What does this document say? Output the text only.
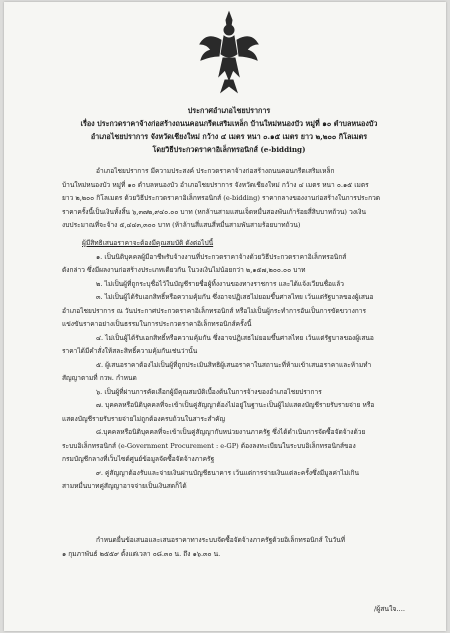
ประกาศอำเภอไชยปราการ
เรื่อง ประกวดราคาจ้างก่อสร้างถนนคอนกรีตเสริมเหล็ก บ้านใหม่หนองบัว หมู่ที่ ๑๐ ตำบลหนองบัว
อำเภอไชยปราการ จังหวัดเชียงใหม่ กว้าง ๔ เมตร หนา ๐.๑๕ เมตร ยาว ๒,๒๐๐ กิโลเมตร
โดยวิธีประกวดราคาอิเล็กทรอนิกส์ (e-bidding)

อำเภอไชยปราการ มีความประสงค์ ประกวดราคาจ้างก่อสร้างถนนคอนกรีตเสริมเหล็ก

บ้านใหม่หนองบัว หมู่ที่ ๑๐ ตำบลหนองบัว อำเภอไชยปราการ จังหวัดเชียงใหม่ กว้าง ๔ เมตร หนา ๐.๑๕ เมตร

ยาว ๒,๒๐๐ กิโลเมตร ด้วยวิธีประกวดราคาอิเล็กทรอนิกส์ (e-bidding) ราคากลางของงานก่อสร้างในการประกวด

ราคาครั้งนี้เป็นเงินทั้งสิ้น ๖,๓๗๒,๙๔๐.๐๐ บาท (หกล้านสามแสนเจ็ดหมื่นสองพันเก้าร้อยสี่สิบบาทถ้วน) วงเงิน

งบประมาณที่จะจ้าง ๕,๔๔๓,๓๐๐ บาท (ห้าล้านสี่แสนสี่หมื่นสามพันสามร้อยบาทถ้วน)

ผู้มีสิทธิเสนอราคาจะต้องมีคุณสมบัติ ดังต่อไปนี้

๑. เป็นนิติบุคคลผู้มีอาชีพรับจ้างงานที่ประกวดราคาจ้างด้วยวิธีประกวดราคาอิเล็กทรอนิกส์

ดังกล่าว ซึ่งมีผลงานก่อสร้างประเภทเดียวกัน ในวงเงินไม่น้อยกว่า ๒,๑๕๗,๒๐๐.๐๐ บาท

๒. ไม่เป็นผู้ที่ถูกระบุชื่อไว้ในบัญชีรายชื่อผู้ทิ้งงานของทางราชการ และได้แจ้งเวียนชื่อแล้ว

๓. ไม่เป็นผู้ได้รับเอกสิทธิ์หรือความคุ้มกัน ซึ่งอาจปฏิเสธไม่ยอมขึ้นศาลไทย เว้นแต่รัฐบาลของผู้เสนอ

อำเภอไชยปราการ ณ วันประกาศประกวดราคาอิเล็กทรอนิกส์ หรือไม่เป็นผู้กระทำการอันเป็นการขัดขวางการ

แข่งขันราคาอย่างเป็นธรรมในการประกวดราคาอิเล็กทรอนิกส์ครั้งนี้

๔. ไม่เป็นผู้ได้รับเอกสิทธิ์หรือความคุ้มกัน ซึ่งอาจปฏิเสธไม่ยอมขึ้นศาลไทย เว้นแต่รัฐบาลของผู้เสนอ

ราคาได้มีคำสั่งให้สละสิทธิ์ความคุ้มกันเช่นว่านั้น

๕. ผู้เสนอราคาต้องไม่เป็นผู้ที่ถูกประเมินสิทธิผู้เสนอราคาในสถานะที่ห้ามเข้าเสนอราคาและห้ามทำ

สัญญาตามที่ กวพ. กำหนด

๖. เป็นผู้ที่ผ่านการคัดเลือกผู้มีคุณสมบัติเบื้องต้นในการจ้างของอำเภอไชยปราการ

๗. บุคคลหรือนิติบุคคลที่จะเข้าเป็นคู่สัญญาต้องไม่อยู่ในฐานะเป็นผู้ไม่แสดงบัญชีรายรับรายจ่าย หรือ

แสดงบัญชีรายรับรายจ่ายไม่ถูกต้องครบถ้วนในสาระสำคัญ

๘.บุคคลหรือนิติบุคคลที่จะเข้าเป็นคู่สัญญากับหน่วยงานภาครัฐ ซึ่งได้ดำเนินการจัดซื้อจัดจ้างด้วย

ระบบอิเล็กทรอนิกส์ (e-Government Procurement : e-GP) ต้องลงทะเบียนในระบบอิเล็กทรอนิกส์ของ

กรมบัญชีกลางที่เว็บไซต์ศูนย์ข้อมูลจัดซื้อจัดจ้างภาครัฐ

๙. คู่สัญญาต้องรับและจ่ายเงินผ่านบัญชีธนาคาร เว้นแต่การจ่ายเงินแต่ละครั้งซึ่งมีมูลค่าไม่เกิน

สามหมื่นบาทคู่สัญญาอาจจ่ายเป็นเงินสดก็ได้

กำหนดยื่นข้อเสนอและเสนอราคาทางระบบจัดซื้อจัดจ้างภาครัฐด้วยอิเล็กทรอนิกส์ ในวันที่

๑ กุมภาพันธ์ ๒๕๕๙ ตั้งแต่เวลา ๐๘.๓๐ น. ถึง ๑๖.๓๐ น.

/ผู้สนใจ....
